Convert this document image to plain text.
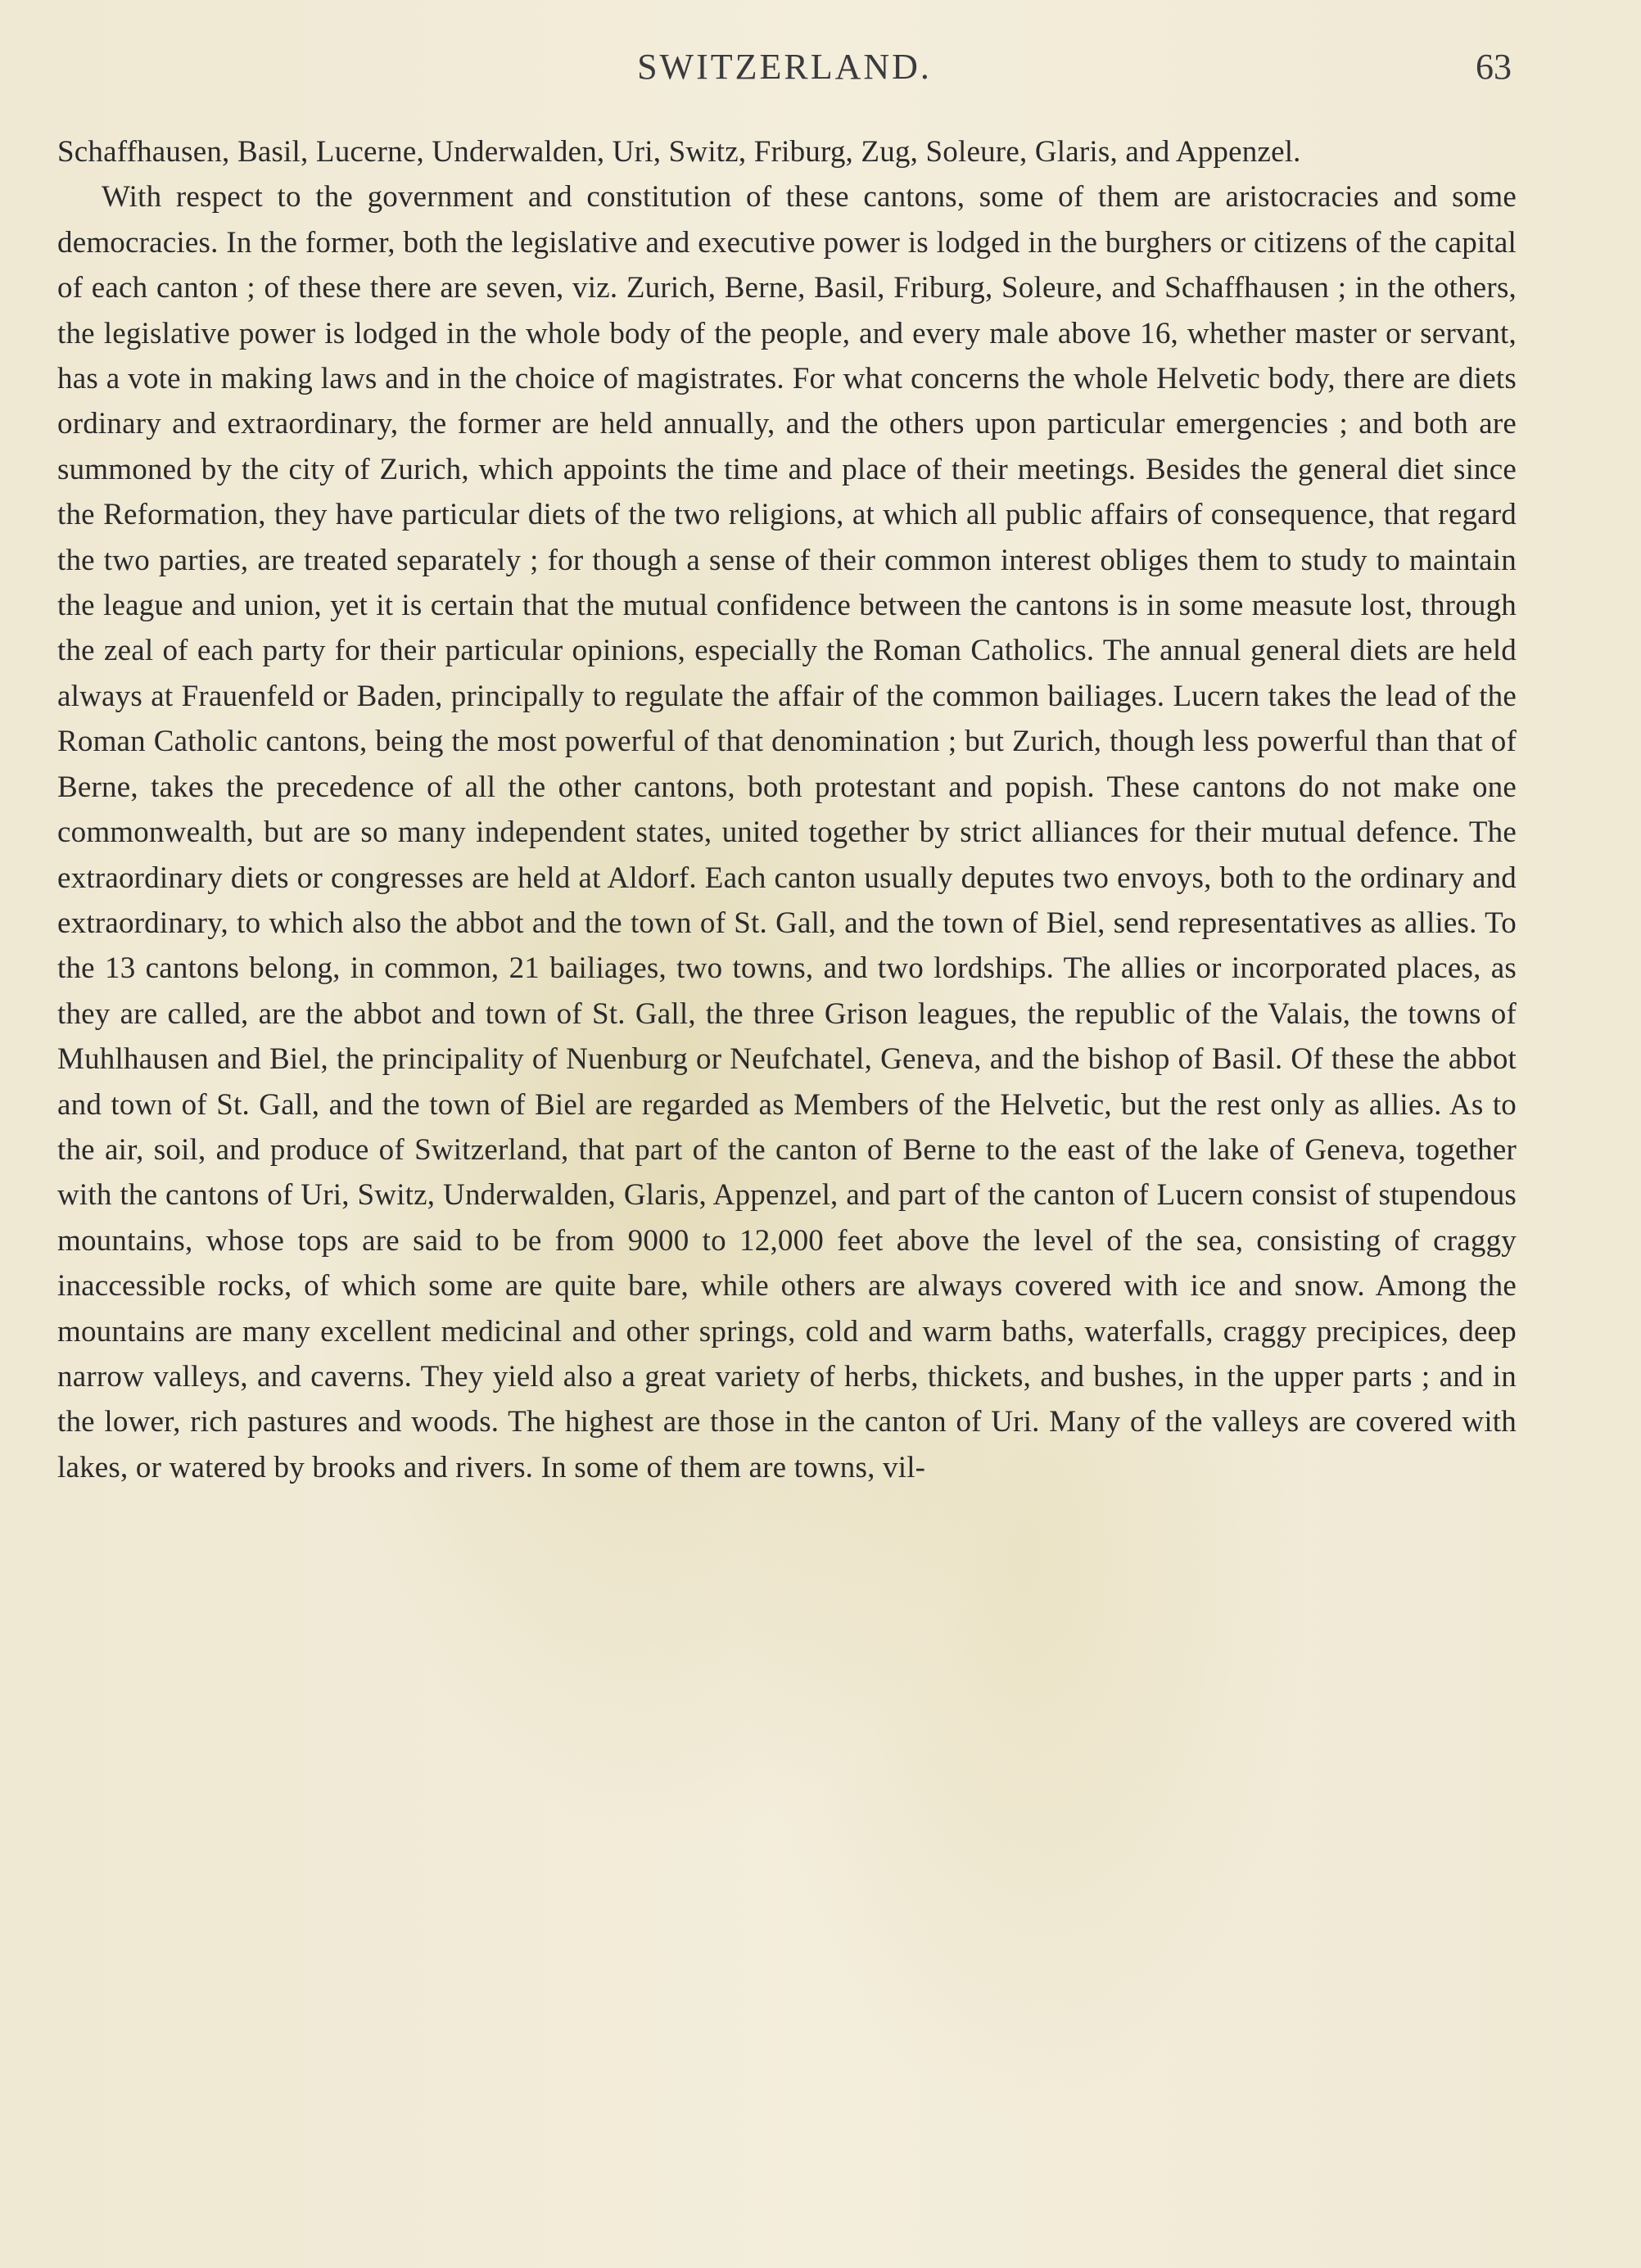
SWITZERLAND.	63

Schaffhausen, Basil, Lucerne, Underwalden, Uri, Switz, Friburg, Zug, Soleure, Glaris, and Appenzel.

With respect to the government and constitution of these cantons, some of them are aristocracies and some democracies. In the former, both the legislative and executive power is lodged in the burghers or citizens of the capital of each canton ; of these there are seven, viz. Zurich, Berne, Basil, Friburg, Soleure, and Schaffhausen ; in the others, the legislative power is lodged in the whole body of the people, and every male above 16, whether master or servant, has a vote in making laws and in the choice of magistrates. For what concerns the whole Helvetic body, there are diets ordinary and extraordinary, the former are held annually, and the others upon particular emergencies ; and both are summoned by the city of Zurich, which appoints the time and place of their meetings. Besides the general diet since the Reformation, they have particular diets of the two religions, at which all public affairs of consequence, that regard the two parties, are treated separately ; for though a sense of their common interest obliges them to study to maintain the league and union, yet it is certain that the mutual confidence between the cantons is in some measute lost, through the zeal of each party for their particular opinions, especially the Roman Catholics. The annual general diets are held always at Frauenfeld or Baden, principally to regulate the affair of the common bailiages. Lucern takes the lead of the Roman Catholic cantons, being the most powerful of that denomination ; but Zurich, though less powerful than that of Berne, takes the precedence of all the other cantons, both protestant and popish. These cantons do not make one commonwealth, but are so many independent states, united together by strict alliances for their mutual defence. The extraordinary diets or congresses are held at Aldorf. Each canton usually deputes two envoys, both to the ordinary and extraordinary, to which also the abbot and the town of St. Gall, and the town of Biel, send representatives as allies. To the 13 cantons belong, in common, 21 bailiages, two towns, and two lordships. The allies or incorporated places, as they are called, are the abbot and town of St. Gall, the three Grison leagues, the republic of the Valais, the towns of Muhlhausen and Biel, the principality of Nuenburg or Neufchatel, Geneva, and the bishop of Basil. Of these the abbot and town of St. Gall, and the town of Biel are regarded as Members of the Helvetic, but the rest only as allies. As to the air, soil, and produce of Switzerland, that part of the canton of Berne to the east of the lake of Geneva, together with the cantons of Uri, Switz, Underwalden, Glaris, Appenzel, and part of the canton of Lucern consist of stupendous mountains, whose tops are said to be from 9000 to 12,000 feet above the level of the sea, consisting of craggy inaccessible rocks, of which some are quite bare, while others are always covered with ice and snow. Among the mountains are many excellent medicinal and other springs, cold and warm baths, waterfalls, craggy precipices, deep narrow valleys, and caverns. They yield also a great variety of herbs, thickets, and bushes, in the upper parts ; and in the lower, rich pastures and woods. The highest are those in the canton of Uri. Many of the valleys are covered with lakes, or watered by brooks and rivers. In some of them are towns, vil-
